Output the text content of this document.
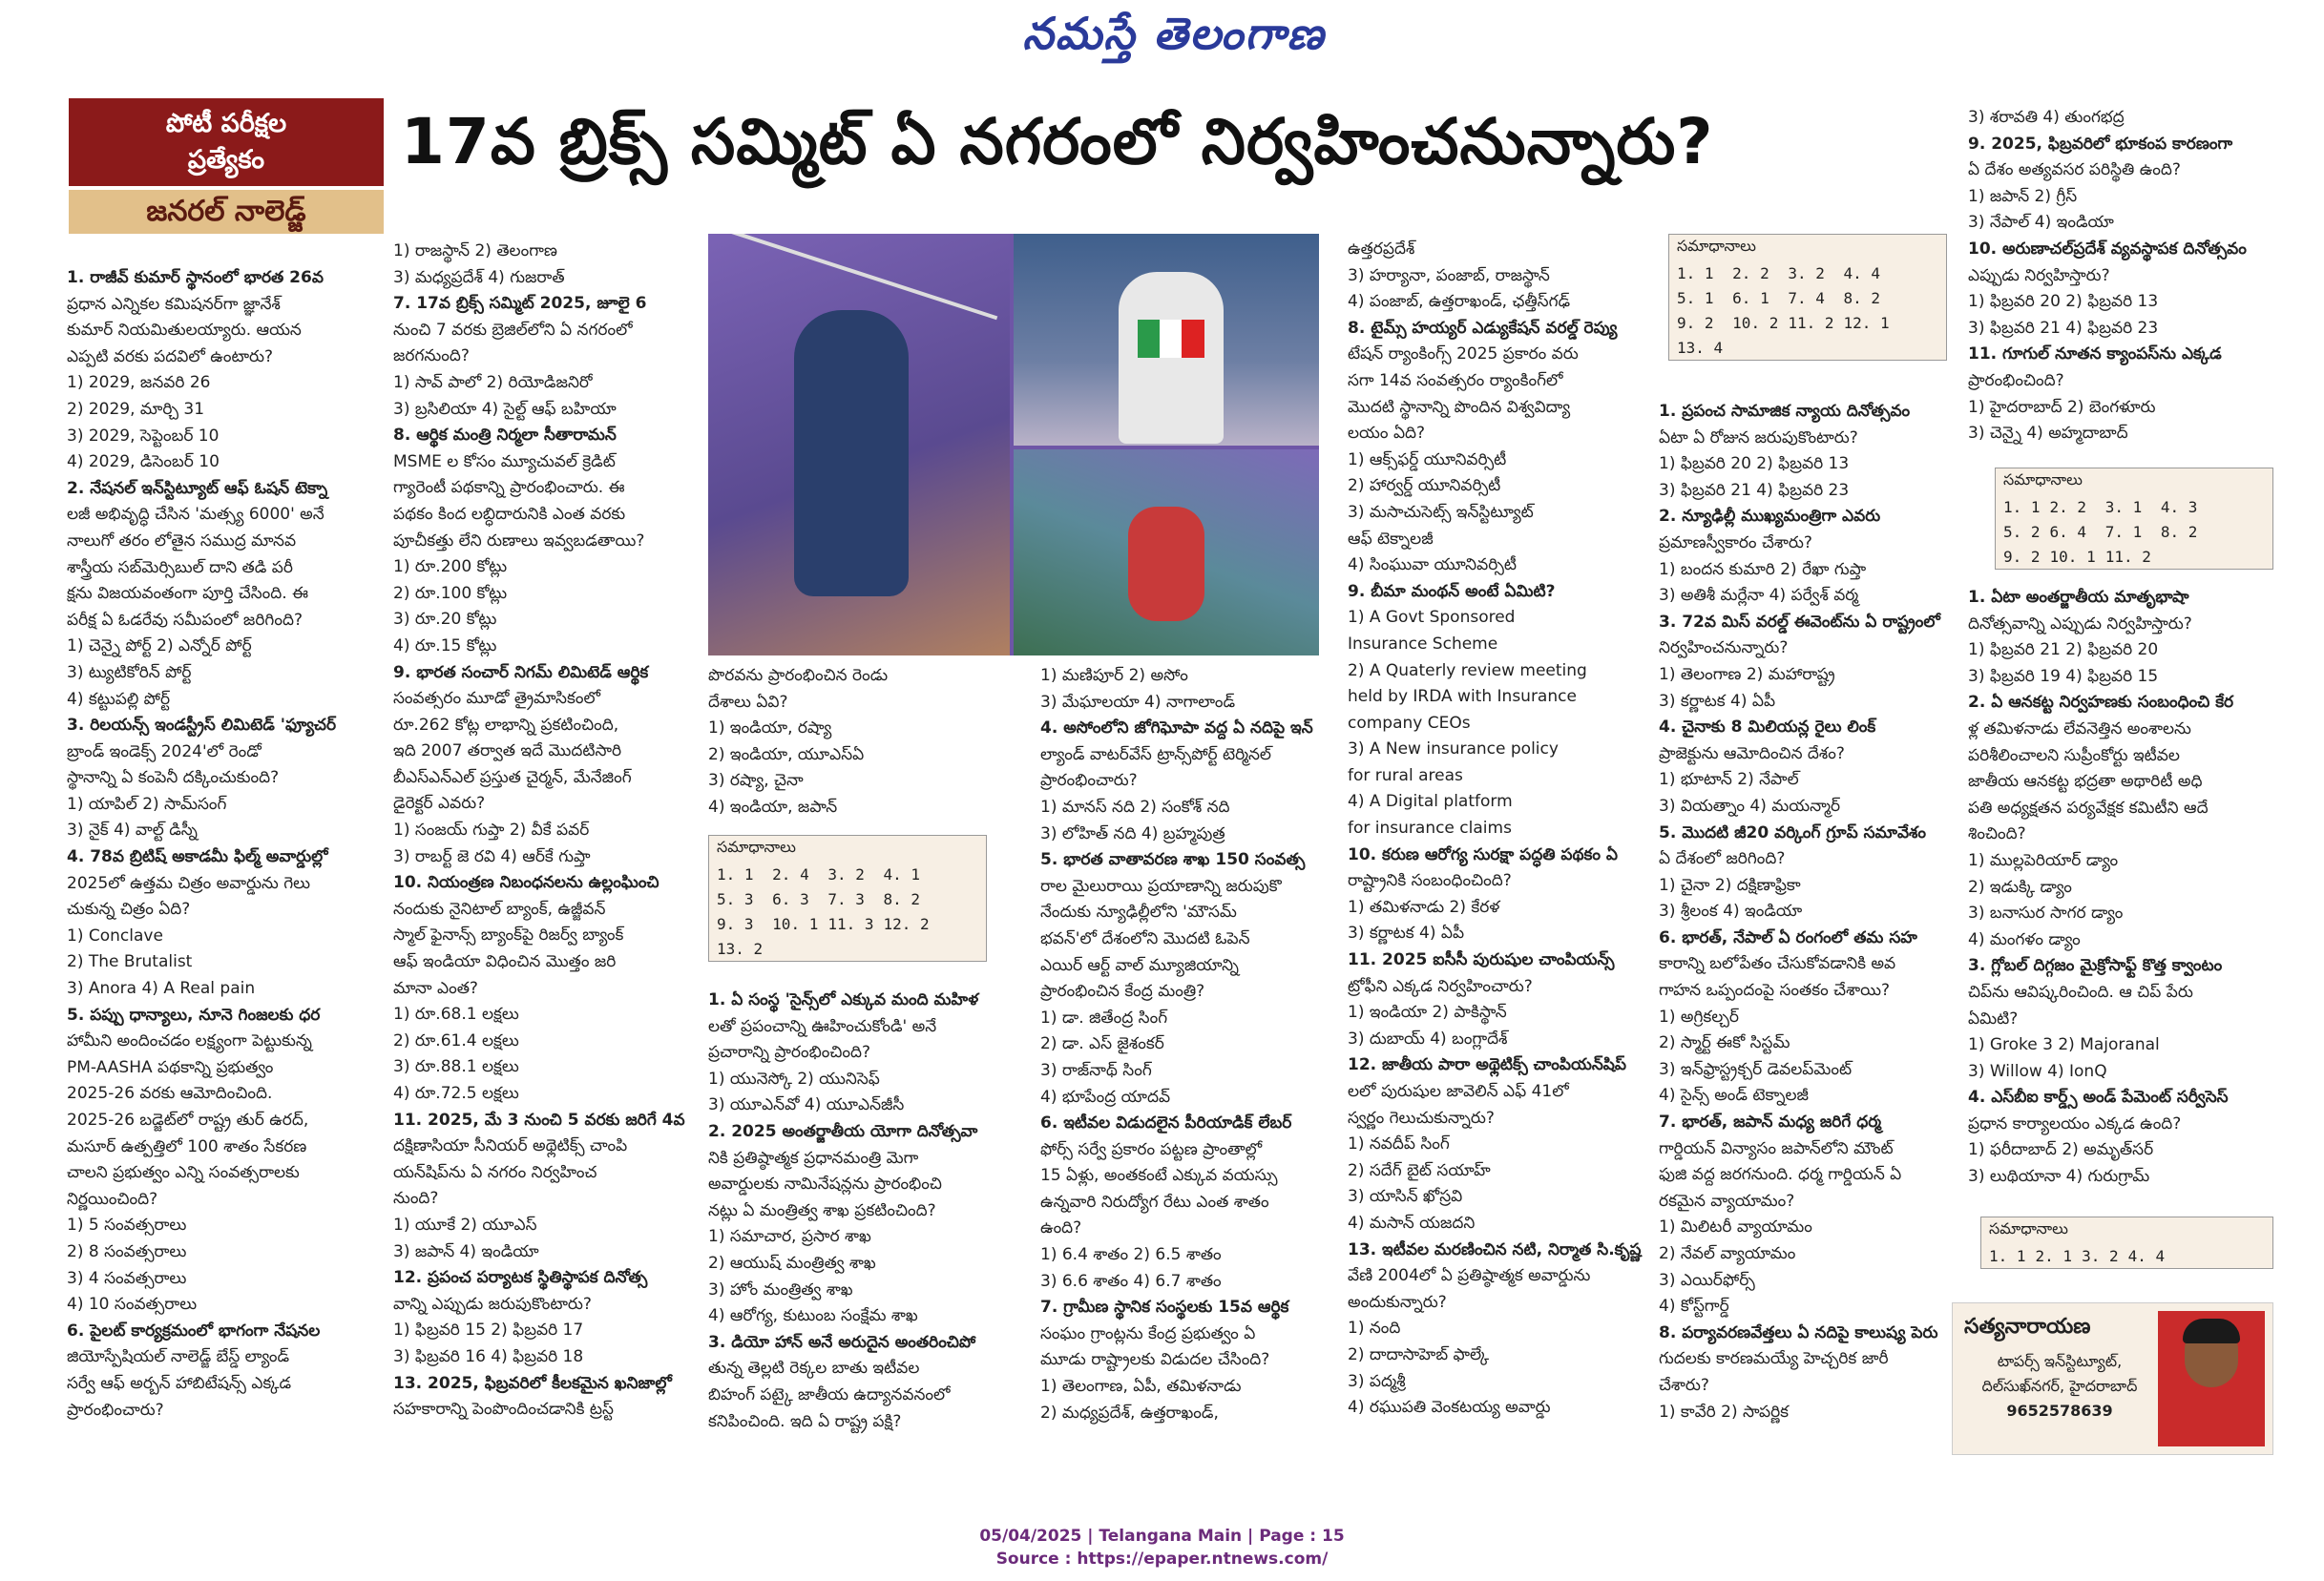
నమస్తే తెలంగాణ
పోటీ పరీక్షల
ప్రత్యేకం
జనరల్ నాలెడ్జ్
17వ బ్రిక్స్ సమ్మిట్ ఏ నగరంలో నిర్వహించనున్నారు?
1. రాజీవ్ కుమార్ స్థానంలో భారత 26వ
ప్రధాన ఎన్నికల కమిషనర్‌గా జ్ఞానేశ్
కుమార్ నియమితులయ్యారు. ఆయన
ఎప్పటి వరకు పదవిలో ఉంటారు?
1) 2029, జనవరి 26
2) 2029, మార్చి 31
3) 2029, సెప్టెంబర్ 10
4) 2029, డిసెంబర్ 10
2. నేషనల్ ఇన్‌స్టిట్యూట్ ఆఫ్ ఓషన్ టెక్నా
లజీ అభివృద్ధి చేసిన 'మత్స్య 6000' అనే
నాలుగో తరం లోతైన సముద్ర మానవ
శాస్త్రీయ సబ్‌మెర్సిబుల్ దాని తడి పరీ
క్షను విజయవంతంగా పూర్తి చేసింది. ఈ
పరీక్ష ఏ ఓడరేవు సమీపంలో జరిగింది?
1) చెన్నై పోర్ట్ 2) ఎన్నోర్ పోర్ట్
3) ట్యుటికోరిన్ పోర్ట్
4) కట్టుపల్లి పోర్ట్
3. రిలయన్స్ ఇండస్ట్రీస్ లిమిటెడ్ 'ఫ్యూచర్
బ్రాండ్ ఇండెక్స్ 2024'లో రెండో
స్థానాన్ని ఏ కంపెనీ దక్కించుకుంది?
1) యాపిల్ 2) సామ్‌సంగ్
3) నైక్ 4) వాల్ట్ డిస్నీ
4. 78వ బ్రిటిష్ అకాడమీ ఫిల్మ్ అవార్డుల్లో
2025లో ఉత్తమ చిత్రం అవార్డును గెలు
చుకున్న చిత్రం ఏది?
1) Conclave
2) The Brutalist
3) Anora 4) A Real pain
5. పప్పు ధాన్యాలు, నూనె గింజలకు ధర
హామీని అందించడం లక్ష్యంగా పెట్టుకున్న
PM-AASHA పథకాన్ని ప్రభుత్వం
2025-26 వరకు ఆమోదించింది.
2025-26 బడ్జెట్‌లో రాష్ట్ర తుర్ ఉరద్,
మసూర్ ఉత్పత్తిలో 100 శాతం సేకరణ
చాలని ప్రభుత్వం ఎన్ని సంవత్సరాలకు
నిర్ణయించింది?
1) 5 సంవత్సరాలు
2) 8 సంవత్సరాలు
3) 4 సంవత్సరాలు
4) 10 సంవత్సరాలు
6. పైలట్ కార్యక్రమంలో భాగంగా నేషనల
జియోస్పేషియల్ నాలెడ్జ్ బేస్డ్ ల్యాండ్
సర్వే ఆఫ్ అర్బన్ హాబిటేషన్స్ ఎక్కడ
ప్రారంభించారు?
1) రాజస్థాన్ 2) తెలంగాణ
3) మధ్యప్రదేశ్ 4) గుజరాత్
7. 17వ బ్రిక్స్ సమ్మిట్ 2025, జూలై 6
నుంచి 7 వరకు బ్రెజిల్‌లోని ఏ నగరంలో
జరగనుంది?
1) సావ్ పాలో 2) రియోడిజనిరో
3) బ్రసిలియా 4) సైల్ట్ ఆఫ్ బహియా
8. ఆర్థిక మంత్రి నిర్మలా సీతారామన్
MSME ల కోసం మ్యూచువల్ క్రెడిట్
గ్యారెంటీ పథకాన్ని ప్రారంభించారు. ఈ
పథకం కింద లబ్ధిదారునికి ఎంత వరకు
పూచీకత్తు లేని రుణాలు ఇవ్వబడతాయి?
1) రూ.200 కోట్లు
2) రూ.100 కోట్లు
3) రూ.20 కోట్లు
4) రూ.15 కోట్లు
9. భారత సంచార్ నిగమ్ లిమిటెడ్ ఆర్థిక
సంవత్సరం మూడో త్రైమాసికంలో
రూ.262 కోట్ల లాభాన్ని ప్రకటించింది,
ఇది 2007 తర్వాత ఇదే మొదటిసారి
బీఎస్ఎన్ఎల్ ప్రస్తుత చైర్మన్, మేనేజింగ్
డైరెక్టర్ ఎవరు?
1) సంజయ్ గుప్తా 2) వీకే పవర్
3) రాబర్ట్ జె రవి 4) ఆర్‌కే గుప్తా
10. నియంత్రణ నిబంధనలను ఉల్లంఘించి
నందుకు నైనిటాల్ బ్యాంక్, ఉజ్జీవన్
స్మాల్ ఫైనాన్స్ బ్యాంక్‌పై రిజర్వ్ బ్యాంక్
ఆఫ్ ఇండియా విధించిన మొత్తం జరి
మానా ఎంత?
1) రూ.68.1 లక్షలు
2) రూ.61.4 లక్షలు
3) రూ.88.1 లక్షలు
4) రూ.72.5 లక్షలు
11. 2025, మే 3 నుంచి 5 వరకు జరిగే 4వ
దక్షిణాసియా సీనియర్ అథ్లెటిక్స్ చాంపి
యన్‌షిప్‌ను ఏ నగరం నిర్వహించ
నుంది?
1) యూకే 2) యూఎస్
3) జపాన్ 4) ఇండియా
12. ప్రపంచ పర్యాటక స్థితిస్థాపక దినోత్స
వాన్ని ఎప్పుడు జరుపుకొంటారు?
1) ఫిబ్రవరి 15 2) ఫిబ్రవరి 17
3) ఫిబ్రవరి 16 4) ఫిబ్రవరి 18
13. 2025, ఫిబ్రవరిలో కీలకమైన ఖనిజాల్లో
సహకారాన్ని పెంపొందించడానికి ట్రస్ట్
పొరవను ప్రారంభించిన రెండు
దేశాలు ఏవి?
1) ఇండియా, రష్యా
2) ఇండియా, యూఎస్ఏ
3) రష్యా, చైనా
4) ఇండియా, జపాన్
సమాధానాలు
1. 1	2. 4	3. 2	4. 1
5. 3	6. 3	7. 3	8. 2
9. 3	10. 1	11. 3	12. 2
13. 2			
1. ఏ సంస్థ 'సైన్స్‌లో ఎక్కువ మంది మహిళ
లతో ప్రపంచాన్ని ఊహించుకోండి' అనే
ప్రచారాన్ని ప్రారంభించింది?
1) యునెస్కో 2) యునిసెఫ్
3) యూఎన్‌వో 4) యూఎన్‌జీసీ
2. 2025 అంతర్జాతీయ యోగా దినోత్సవా
నికి ప్రతిష్ఠాత్మక ప్రధానమంత్రి మెగా
అవార్డులకు నామినేషన్లను ప్రారంభించి
నట్లు ఏ మంత్రిత్వ శాఖ ప్రకటించింది?
1) సమాచార, ప్రసార శాఖ
2) ఆయుష్ మంత్రిత్వ శాఖ
3) హోం మంత్రిత్వ శాఖ
4) ఆరోగ్య, కుటుంబ సంక్షేమ శాఖ
3. డియో హాన్ అనే అరుదైన అంతరించిపో
తున్న తెల్లటి రెక్కల బాతు ఇటీవల
బిహంగ్ పట్కై జాతీయ ఉద్యానవనంలో
కనిపించింది. ఇది ఏ రాష్ట్ర పక్షి?
1) మణిపూర్ 2) అసోం
3) మేఘాలయా 4) నాగాలాండ్
4. అసోంలోని జోగిఘోపా వద్ద ఏ నదిపై ఇన్
ల్యాండ్ వాటర్‌వేస్ ట్రాన్స్‌పోర్ట్ టెర్మినల్
ప్రారంభించారు?
1) మానస్ నది 2) సంకోశ్ నది
3) లోహిత్ నది 4) బ్రహ్మపుత్ర
5. భారత వాతావరణ శాఖ 150 సంవత్స
రాల మైలురాయి ప్రయాణాన్ని జరుపుకొ
నేందుకు న్యూఢిల్లీలోని 'మౌసమ్
భవన్'లో దేశంలోని మొదటి ఓపెన్
ఎయిర్ ఆర్ట్ వాల్ మ్యూజియాన్ని
ప్రారంభించిన కేంద్ర మంత్రి?
1) డా. జితేంద్ర సింగ్
2) డా. ఎస్ జైశంకర్
3) రాజ్‌నాథ్ సింగ్
4) భూపేంద్ర యాదవ్
6. ఇటీవల విడుదలైన పీరియాడిక్ లేబర్
ఫోర్స్ సర్వే ప్రకారం పట్టణ ప్రాంతాల్లో
15 ఏళ్లు, అంతకంటే ఎక్కువ వయస్సు
ఉన్నవారి నిరుద్యోగ రేటు ఎంత శాతం
ఉంది?
1) 6.4 శాతం 2) 6.5 శాతం
3) 6.6 శాతం 4) 6.7 శాతం
7. గ్రామీణ స్థానిక సంస్థలకు 15వ ఆర్థిక
సంఘం గ్రాంట్లను కేంద్ర ప్రభుత్వం ఏ
మూడు రాష్ట్రాలకు విడుదల చేసింది?
1) తెలంగాణ, ఏపీ, తమిళనాడు
2) మధ్యప్రదేశ్, ఉత్తరాఖండ్,
ఉత్తరప్రదేశ్
3) హర్యానా, పంజాబ్, రాజస్థాన్
4) పంజాబ్, ఉత్తరాఖండ్, ఛత్తీస్‌గఢ్
8. టైమ్స్ హయ్యర్ ఎడ్యుకేషన్ వరల్డ్ రెప్యు
టేషన్ ర్యాంకింగ్స్ 2025 ప్రకారం వరు
సగా 14వ సంవత్సరం ర్యాంకింగ్‌లో
మొదటి స్థానాన్ని పొందిన విశ్వవిద్యా
లయం ఏది?
1) ఆక్స్‌ఫర్డ్ యూనివర్సిటీ
2) హార్వర్డ్ యూనివర్సిటీ
3) మసాచుసెట్స్ ఇన్‌స్టిట్యూట్
ఆఫ్ టెక్నాలజీ
4) సింఘువా యూనివర్సిటీ
9. బీమా మంథన్ అంటే ఏమిటి?
1) A Govt Sponsored
Insurance Scheme
2) A Quaterly review meeting
held by IRDA with Insurance
company CEOs
3) A New insurance policy
for rural areas
4) A Digital platform
for insurance claims
10. కరుణ ఆరోగ్య సురక్షా పద్ధతి పథకం ఏ
రాష్ట్రానికి సంబంధించింది?
1) తమిళనాడు 2) కేరళ
3) కర్ణాటక 4) ఏపీ
11. 2025 ఐసీసీ పురుషుల చాంపియన్స్
ట్రోఫీని ఎక్కడ నిర్వహించారు?
1) ఇండియా 2) పాకిస్థాన్
3) దుబాయ్ 4) బంగ్లాదేశ్
12. జాతీయ పారా అథ్లెటిక్స్ చాంపియన్‌షిప్
లలో పురుషుల జావెలిన్ ఎఫ్ 41లో
స్వర్ణం గెలుచుకున్నారు?
1) నవదీప్ సింగ్
2) సదేగ్ బైట్ సయాహ్
3) యాసిన్ ఖోస్రవి
4) మసాన్ యజదని
13. ఇటీవల మరణించిన నటి, నిర్మాత సి.కృష్ణ
వేణి 2004లో ఏ ప్రతిష్ఠాత్మక అవార్డును
అందుకున్నారు?
1) నంది
2) దాదాసాహెబ్ ఫాల్కే
3) పద్మశ్రీ
4) రఘుపతి వెంకటయ్య అవార్డు
సమాధానాలు
1. 1	2. 2	3. 2	4. 4
5. 1	6. 1	7. 4	8. 2
9. 2	10. 2	11. 2	12. 1
13. 4			
1. ప్రపంచ సామాజిక న్యాయ దినోత్సవం
ఏటా ఏ రోజున జరుపుకొంటారు?
1) ఫిబ్రవరి 20 2) ఫిబ్రవరి 13
3) ఫిబ్రవరి 21 4) ఫిబ్రవరి 23
2. న్యూఢిల్లీ ముఖ్యమంత్రిగా ఎవరు
ప్రమాణస్వీకారం చేశారు?
1) బందన కుమారి 2) రేఖా గుప్తా
3) అతిశీ మర్లేనా 4) పర్వేశ్ వర్మ
3. 72వ మిస్ వరల్డ్ ఈవెంట్‌ను ఏ రాష్ట్రంలో
నిర్వహించనున్నారు?
1) తెలంగాణ 2) మహారాష్ట్ర
3) కర్ణాటక 4) ఏపీ
4. చైనాకు 8 మిలియన్ల రైలు లింక్
ప్రాజెక్టును ఆమోదించిన దేశం?
1) భూటాన్ 2) నేపాల్
3) వియత్నాం 4) మయన్మార్
5. మొదటి జీ20 వర్కింగ్ గ్రూప్ సమావేశం
ఏ దేశంలో జరిగింది?
1) చైనా 2) దక్షిణాఫ్రికా
3) శ్రీలంక 4) ఇండియా
6. భారత్, నేపాల్ ఏ రంగంలో తమ సహ
కారాన్ని బలోపేతం చేసుకోవడానికి అవ
గాహన ఒప్పందంపై సంతకం చేశాయి?
1) అగ్రికల్చర్
2) స్మార్ట్ ఈకో సిస్టమ్
3) ఇన్‌ఫ్రాస్ట్రక్చర్ డెవలప్‌మెంట్
4) సైన్స్ అండ్ టెక్నాలజీ
7. భారత్, జపాన్ మధ్య జరిగే ధర్మ
గార్డియన్ విన్యాసం జపాన్‌లోని మౌంట్
ఫుజి వద్ద జరగనుంది. ధర్మ గార్డియన్ ఏ
రకమైన వ్యాయామం?
1) మిలిటరీ వ్యాయామం
2) నేవల్ వ్యాయామం
3) ఎయిర్‌ఫోర్స్
4) కోస్ట్‌గార్డ్
8. పర్యావరణవేత్తలు ఏ నదిపై కాలుష్య పెరు
గుదలకు కారణమయ్యే హెచ్చరిక జారీ
చేశారు?
1) కావేరి 2) సాపర్ణిక
3) శరావతి 4) తుంగభద్ర
9. 2025, ఫిబ్రవరిలో భూకంప కారణంగా
ఏ దేశం అత్యవసర పరిస్థితి ఉంది?
1) జపాన్ 2) గ్రీస్
3) నేపాల్ 4) ఇండియా
10. అరుణాచల్‌ప్రదేశ్ వ్యవస్థాపక దినోత్సవం
ఎప్పుడు నిర్వహిస్తారు?
1) ఫిబ్రవరి 20 2) ఫిబ్రవరి 13
3) ఫిబ్రవరి 21 4) ఫిబ్రవరి 23
11. గూగుల్ నూతన క్యాంపస్‌ను ఎక్కడ
ప్రారంభించింది?
1) హైదరాబాద్ 2) బెంగళూరు
3) చెన్నై 4) అహ్మదాబాద్
సమాధానాలు
1. 1	2. 2	3. 1	4. 3
5. 2	6. 4	7. 1	8. 2
9. 2	10. 1	11. 2	
1. ఏటా అంతర్జాతీయ మాతృభాషా
దినోత్సవాన్ని ఎప్పుడు నిర్వహిస్తారు?
1) ఫిబ్రవరి 21 2) ఫిబ్రవరి 20
3) ఫిబ్రవరి 19 4) ఫిబ్రవరి 15
2. ఏ ఆనకట్ట నిర్వహణకు సంబంధించి కేర
ళ్ల తమిళనాడు లేవనెత్తిన అంశాలను
పరిశీలించాలని సుప్రీంకోర్టు ఇటీవల
జాతీయ ఆనకట్ట భద్రతా అథారిటీ అధి
పతి అధ్యక్షతన పర్యవేక్షక కమిటీని ఆదే
శించింది?
1) ముల్లపెరియార్ డ్యాం
2) ఇడుక్కి డ్యాం
3) బనాసుర సాగర డ్యాం
4) మంగళం డ్యాం
3. గ్లోబల్ దిగ్గజం మైక్రోసాఫ్ట్ కొత్త క్వాంటం
చిప్‌ను ఆవిష్కరించింది. ఆ చిప్ పేరు
ఏమిటి?
1) Groke 3 2) Majoranal
3) Willow 4) IonQ
4. ఎస్‌బీఐ కార్డ్స్ అండ్ పేమెంట్ సర్వీసెస్
ప్రధాన కార్యాలయం ఎక్కడ ఉంది?
1) ఫరీదాబాద్ 2) అమృత్‌సర్
3) లుథియానా 4) గురుగ్రామ్
సమాధానాలు
1. 1	2. 1	3. 2	4. 4
సత్యనారాయణ
టాపర్స్ ఇన్‌స్టిట్యూట్,
దిల్‌సుఖ్‌నగర్, హైదరాబాద్
9652578639
05/04/2025 | Telangana Main | Page : 15
Source : https://epaper.ntnews.com/
